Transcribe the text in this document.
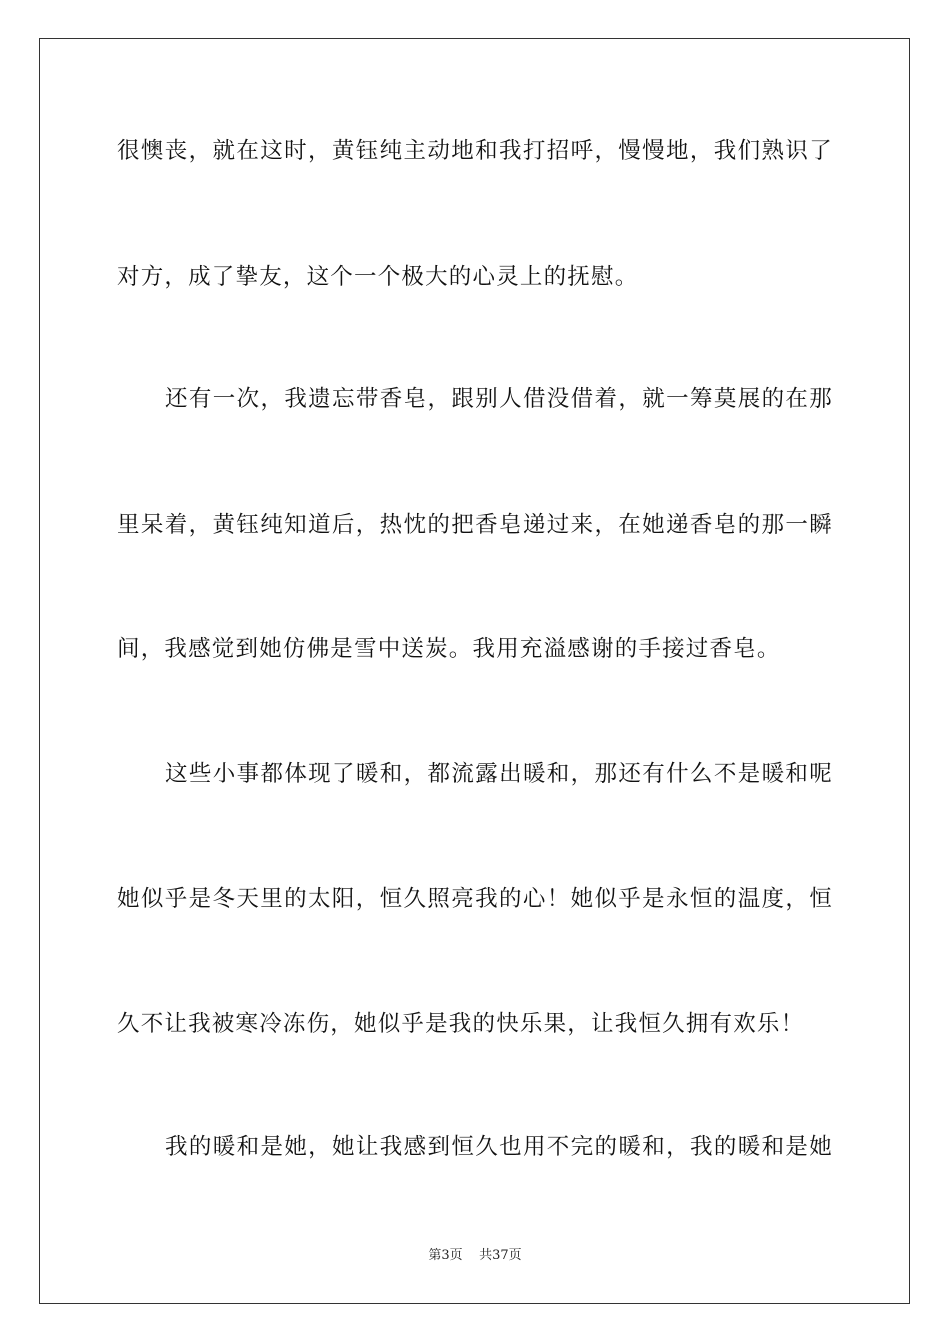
很懊丧，就在这时，黄钰纯主动地和我打招呼，慢慢地，我们熟识了
对方，成了挚友，这个一个极大的心灵上的抚慰。
还有一次，我遗忘带香皂，跟别人借没借着，就一筹莫展的在那
里呆着，黄钰纯知道后，热忱的把香皂递过来，在她递香皂的那一瞬
间，我感觉到她仿佛是雪中送炭。我用充溢感谢的手接过香皂。
这些小事都体现了暖和，都流露出暖和，那还有什么不是暖和呢
她似乎是冬天里的太阳，恒久照亮我的心！她似乎是永恒的温度，恒
久不让我被寒冷冻伤，她似乎是我的快乐果，让我恒久拥有欢乐！
我的暖和是她，她让我感到恒久也用不完的暖和，我的暖和是她
第3页 共37页
